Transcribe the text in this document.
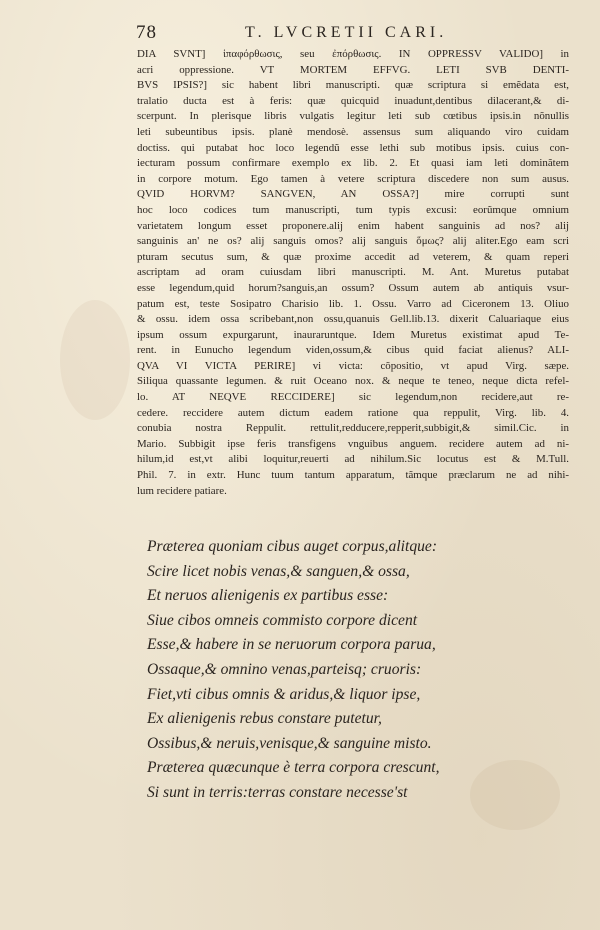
78	T. LVCRETII CARI.
DIA SVNT] ἱπαφόρθωσις, seu ἐπόρθωσις. IN OPPRESSV VALIDO] in
acri oppressione. VT MORTEM EFFVG. LETI SVB DENTI-
BVS IPSIS?] sic habent libri manuscripti. quæ scriptura si emẽdata est,
tralatio ducta est à feris: quæ quicquid inuadunt,dentibus dilacerant,& di-
scerpunt. In plerisque libris vulgatis legitur leti sub cœtibus ipsis.in nõnullis
leti subeuntibus ipsis. planè mendosè. assensus sum aliquando viro cuidam
doctiss. qui putabat hoc loco legendũ esse lethi sub motibus ipsis. cuius con-
iecturam possum confirmare exemplo ex lib. 2. Et quasi iam leti dominãtem
in corpore motum. Ego tamen à vetere scriptura discedere non sum ausus.
QVID HORVM? SANGVEN, AN OSSA?] mire corrupti sunt
hoc loco codices tum manuscripti, tum typis excusi: eorũmque omnium
varietatem longum esset proponere.alij enim habent sanguinis ad nos? alij
sanguinis an' ne os? alij sanguis omos? alij sanguis ὅμως? alij aliter.Ego eam scri
pturam secutus sum, & quæ proxime accedit ad veterem, & quam reperi
ascriptam ad oram cuiusdam libri manuscripti. M. Ant. Muretus putabat
esse legendum,quid horum?sanguis,an ossum? Ossum autem ab antiquis vsur-
patum est, teste Sosipatro Charisio lib. 1. Ossu. Varro ad Ciceronem 13. Oliuo
& ossu. idem ossa scribebant,non ossu,quanuis Gell.lib.13. dixerit Caluariaque eius
ipsum ossum expurgarunt, inauraruntque. Idem Muretus existimat apud Te-
rent. in Eunucho legendum viden,ossum,& cibus quid faciat alienus? ALI-
QVA VI VICTA PERIRE] vi victa: cõpositio, vt apud Virg. sæpe.
Siliqua quassante legumen. & ruit Oceano nox. & neque te teneo, neque dicta refel-
lo. AT NEQVE RECCIDERE] sic legendum,non recidere,aut re-
cedere. reccidere autem dictum eadem ratione qua reppulit, Virg. lib. 4.
conubia nostra Reppulit. rettulit,redducere,repperit,subbigit,& simil.Cic. in
Mario. Subbigit ipse feris transfigens vnguibus anguem. recidere autem ad ni-
hilum,id est,vt alibi loquitur,reuerti ad nihilum.Sic locutus est & M.Tull.
Phil. 7. in extr. Hunc tuum tantum apparatum, tãmque præclarum ne ad nihi-
lum recidere patiare.
Præterea quoniam cibus auget corpus,alitque:
Scire licet nobis venas,& sanguen,& ossa,
Et neruos alienigenis ex partibus esse:
Siue cibos omneis commisto corpore dicent
Esse,& habere in se neruorum corpora parua,
Ossaque,& omnino venas,parteisq; cruoris:
Fiet,vti cibus omnis & aridus,& liquor ipse,
Ex alienigenis rebus constare putetur,
Ossibus,& neruis,venisque,& sanguine misto.
Præterea quæcunque è terra corpora crescunt,
Si sunt in terris:terras constare necesse'st
